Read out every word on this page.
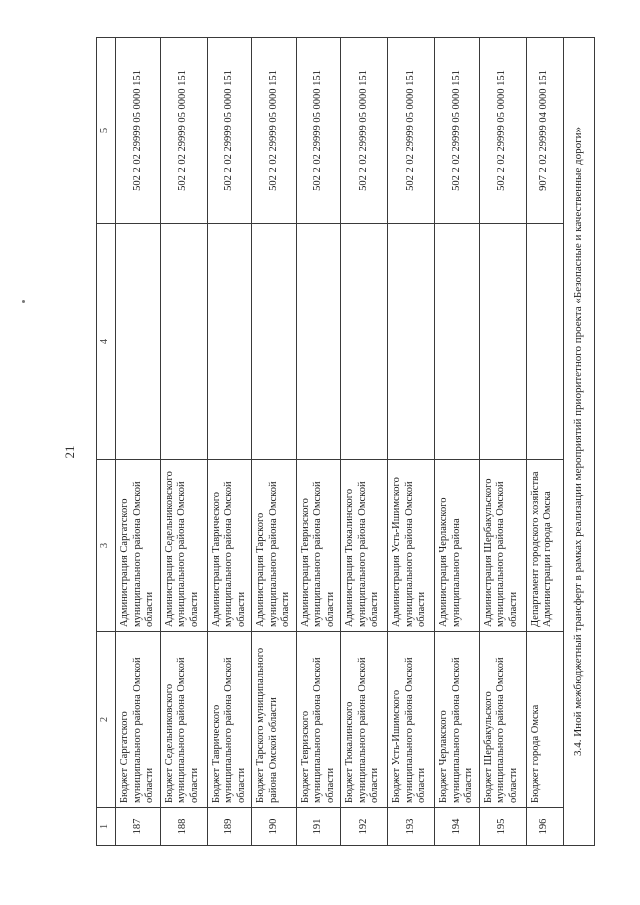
21
1	2	3	4	5
187	Бюджет Саргатского муниципального района Омской области	Администрация Саргатского муниципального района Омской области		502 2 02 29999 05 0000 151
188	Бюджет Седельниковского муниципального района Омской области	Администрация Седельниковского муниципального района Омской области		502 2 02 29999 05 0000 151
189	Бюджет Таврического муниципального района Омской области	Администрация Таврического муниципального района Омской области		502 2 02 29999 05 0000 151
190	Бюджет Тарского муниципального района Омской области	Администрация Тарского муниципального района Омской области		502 2 02 29999 05 0000 151
191	Бюджет Тевризского муниципального района Омской области	Администрация Тевризского муниципального района Омской области		502 2 02 29999 05 0000 151
192	Бюджет Тюкалинского муниципального района Омской области	Администрация Тюкалинского муниципального района Омской области		502 2 02 29999 05 0000 151
193	Бюджет Усть-Ишимского муниципального района Омской области	Администрация Усть-Ишимского муниципального района Омской области		502 2 02 29999 05 0000 151
194	Бюджет Черлакского муниципального района Омской области	Администрация Черлакского муниципального района		502 2 02 29999 05 0000 151
195	Бюджет Шербакульского муниципального района Омской области	Администрация Шербакульского муниципального района Омской области		502 2 02 29999 05 0000 151
196	Бюджет города Омска	Департамент городского хозяйства Администрации города Омска		907 2 02 29999 04 0000 151
3.4. Иной межбюджетный трансферт в рамках реализации мероприятий приоритетного проекта «Безопасные и качественные дороги»				
